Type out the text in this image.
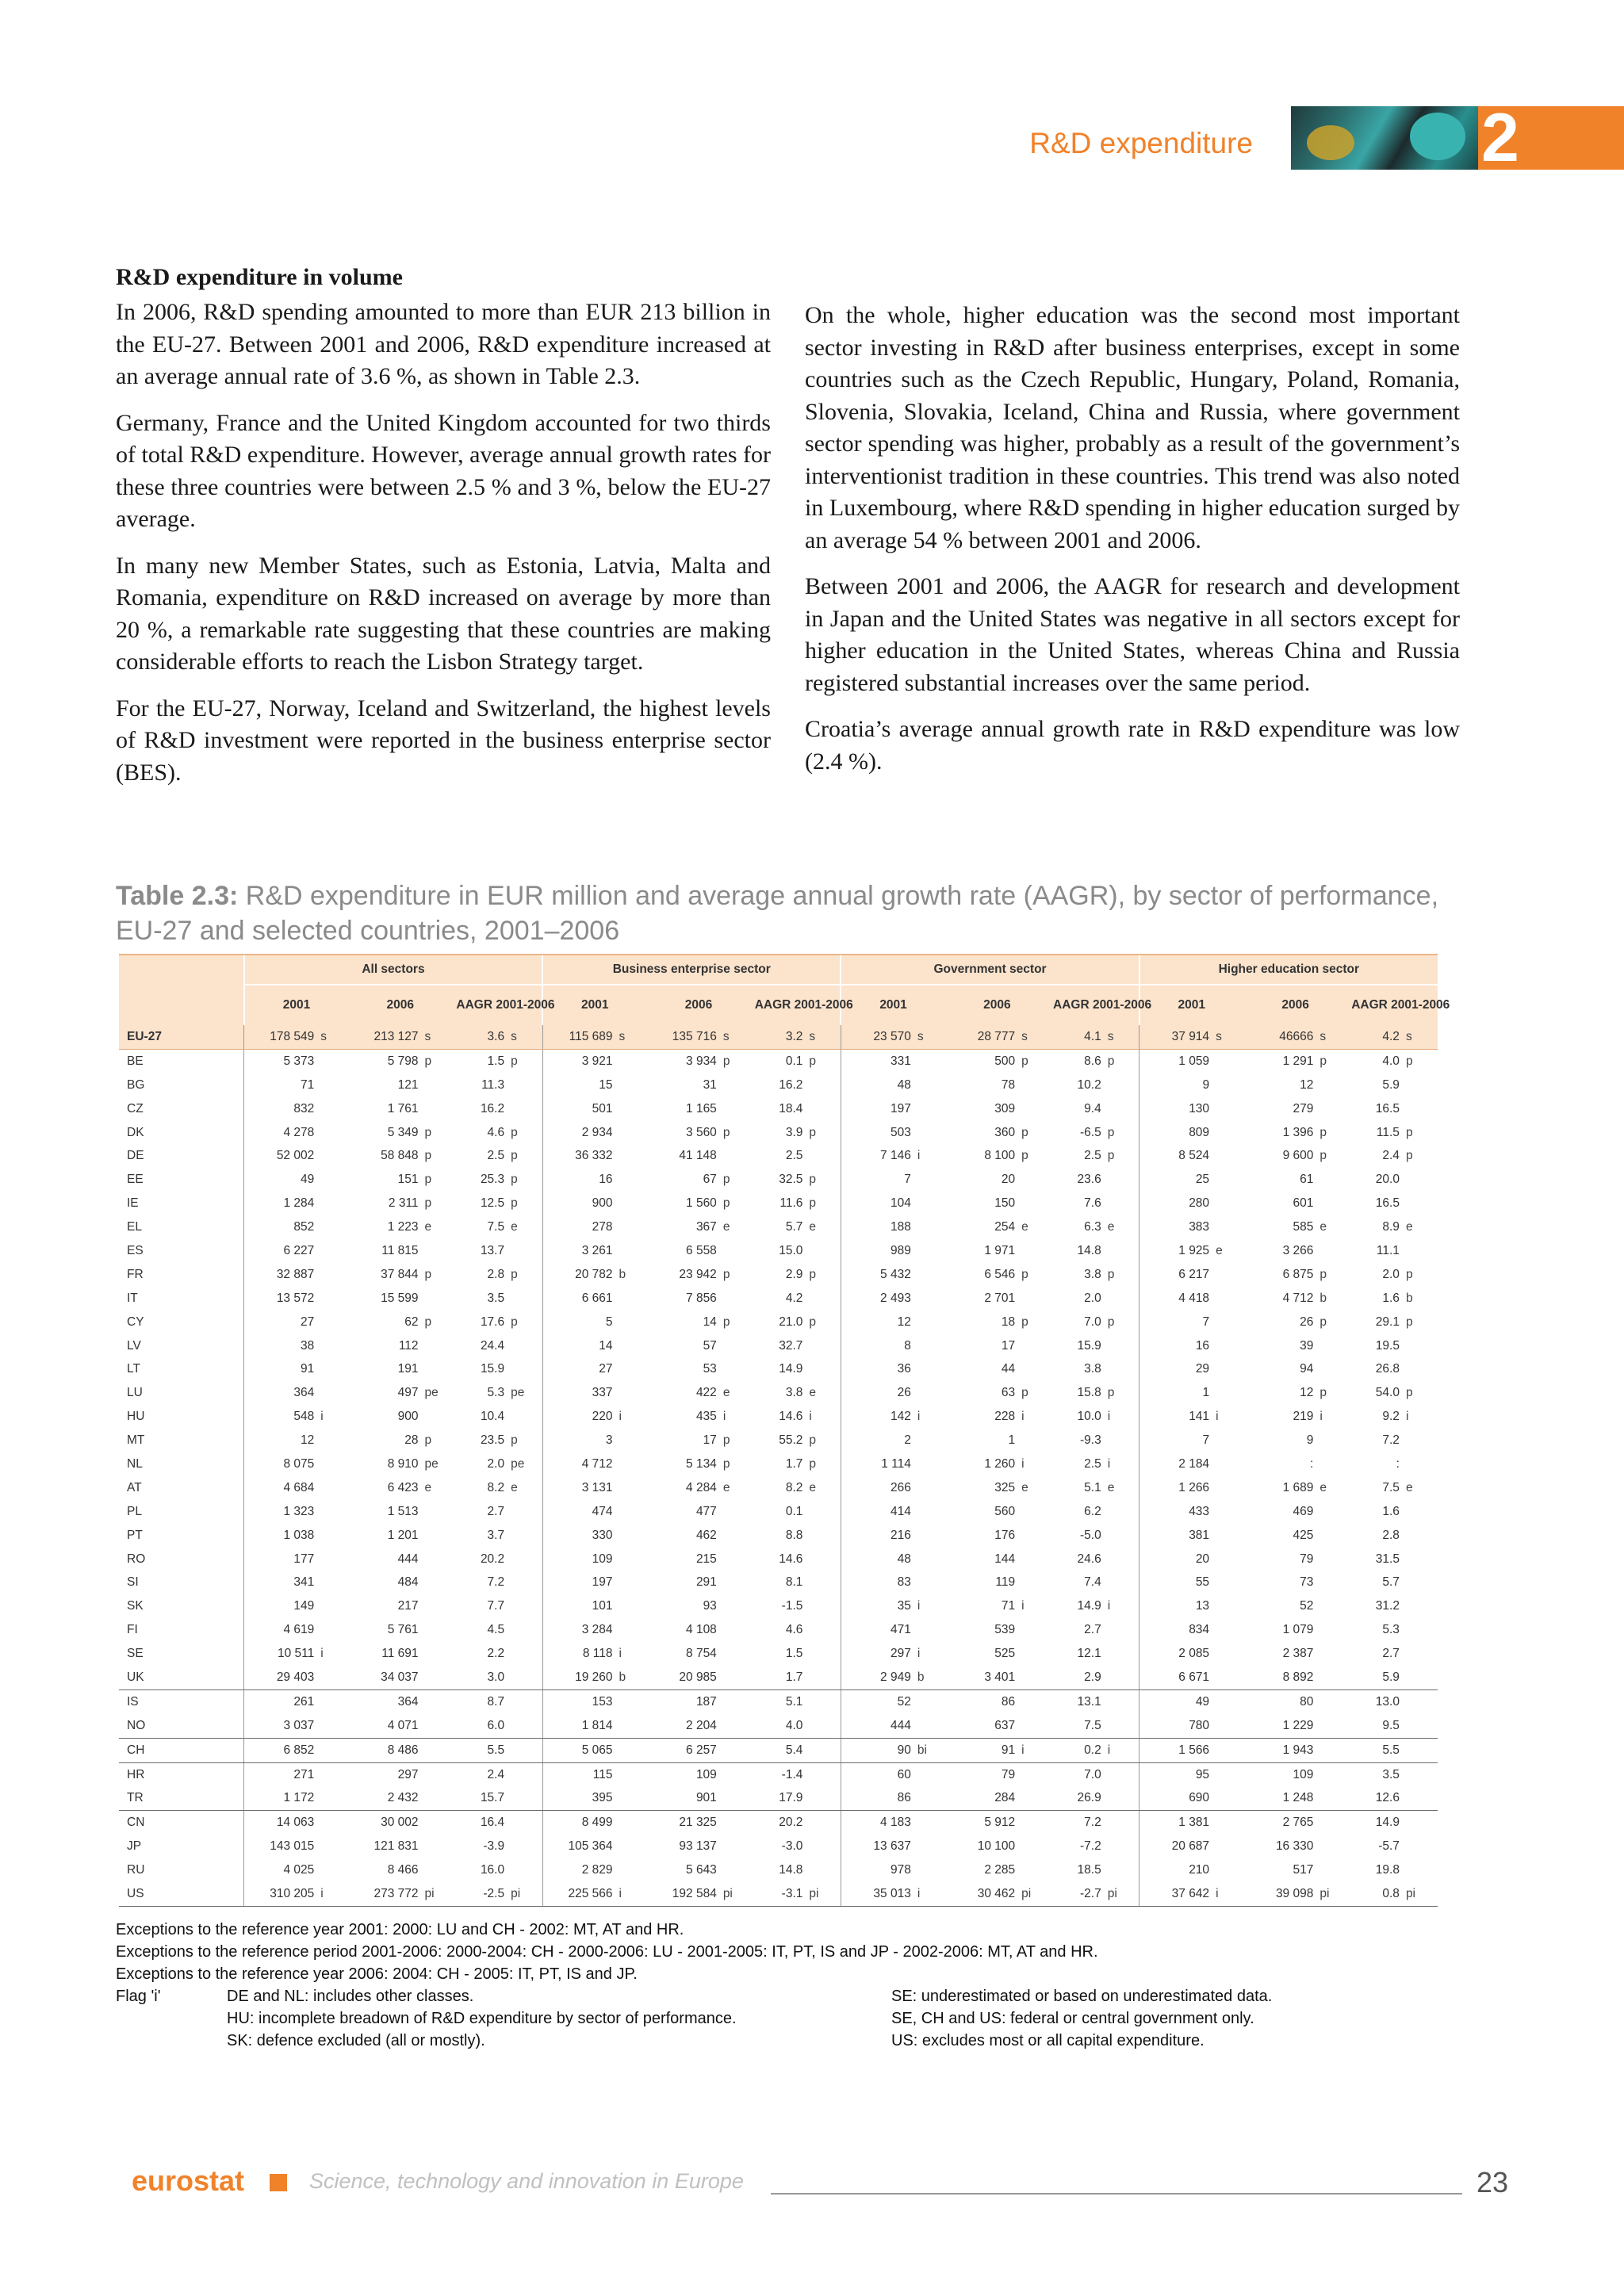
R&D expenditure	2
R&D expenditure in volume

In 2006, R&D spending amounted to more than EUR 213 billion in the EU-27. Between 2001 and 2006, R&D expenditure increased at an average annual rate of 3.6 %, as shown in Table 2.3.

Germany, France and the United Kingdom accounted for two thirds of total R&D expenditure. However, average annual growth rates for these three countries were between 2.5 % and 3 %, below the EU-27 average.

In many new Member States, such as Estonia, Latvia, Malta and Romania, expenditure on R&D increased on average by more than 20 %, a remarkable rate suggesting that these countries are making considerable efforts to reach the Lisbon Strategy target.

For the EU-27, Norway, Iceland and Switzerland, the highest levels of R&D investment were reported in the business enterprise sector (BES).

On the whole, higher education was the second most important sector investing in R&D after business enterprises, except in some countries such as the Czech Republic, Hungary, Poland, Romania, Slovenia, Slovakia, Iceland, China and Russia, where government sector spending was higher, probably as a result of the government’s interventionist tradition in these countries. This trend was also noted in Luxembourg, where R&D spending in higher education surged by an average 54 % between 2001 and 2006.

Between 2001 and 2006, the AAGR for research and development in Japan and the United States was negative in all sectors except for higher education in the United States, whereas China and Russia registered substantial increases over the same period.

Croatia’s average annual growth rate in R&D expenditure was low (2.4 %).

Table 2.3: R&D expenditure in EUR million and average annual growth rate (AAGR), by sector of performance, EU-27 and selected countries, 2001–2006
	All sectors						Business enterprise sector						Government sector						Higher education sector					
	2001		2006		AAGR 2001-2006		2001		2006		AAGR 2001-2006		2001		2006		AAGR 2001-2006		2001		2006		AAGR 2001-2006	
EU-27	178 549	s	213 127	s	3.6	s	115 689	s	135 716	s	3.2	s	23 570	s	28 777	s	4.1	s	37 914	s	46666	s	4.2	s
BE	5 373		5 798	p	1.5	p	3 921		3 934	p	0.1	p	331		500	p	8.6	p	1 059		1 291	p	4.0	p
BG	71		121		11.3		15		31		16.2		48		78		10.2		9		12		5.9	
CZ	832		1 761		16.2		501		1 165		18.4		197		309		9.4		130		279		16.5	
DK	4 278		5 349	p	4.6	p	2 934		3 560	p	3.9	p	503		360	p	-6.5	p	809		1 396	p	11.5	p
DE	52 002		58 848	p	2.5	p	36 332		41 148		2.5		7 146	i	8 100	p	2.5	p	8 524		9 600	p	2.4	p
EE	49		151	p	25.3	p	16		67	p	32.5	p	7		20		23.6		25		61		20.0	
IE	1 284		2 311	p	12.5	p	900		1 560	p	11.6	p	104		150		7.6		280		601		16.5	
EL	852		1 223	e	7.5	e	278		367	e	5.7	e	188		254	e	6.3	e	383		585	e	8.9	e
ES	6 227		11 815		13.7		3 261		6 558		15.0		989		1 971		14.8		1 925	e	3 266		11.1	
FR	32 887		37 844	p	2.8	p	20 782	b	23 942	p	2.9	p	5 432		6 546	p	3.8	p	6 217		6 875	p	2.0	p
IT	13 572		15 599		3.5		6 661		7 856		4.2		2 493		2 701		2.0		4 418		4 712	b	1.6	b
CY	27		62	p	17.6	p	5		14	p	21.0	p	12		18	p	7.0	p	7		26	p	29.1	p
LV	38		112		24.4		14		57		32.7		8		17		15.9		16		39		19.5	
LT	91		191		15.9		27		53		14.9		36		44		3.8		29		94		26.8	
LU	364		497	pe	5.3	pe	337		422	e	3.8	e	26		63	p	15.8	p	1		12	p	54.0	p
HU	548	i	900		10.4		220	i	435	i	14.6	i	142	i	228	i	10.0	i	141	i	219	i	9.2	i
MT	12		28	p	23.5	p	3		17	p	55.2	p	2		1		-9.3		7		9		7.2	
NL	8 075		8 910	pe	2.0	pe	4 712		5 134	p	1.7	p	1 114		1 260	i	2.5	i	2 184		:		:	
AT	4 684		6 423	e	8.2	e	3 131		4 284	e	8.2	e	266		325	e	5.1	e	1 266		1 689	e	7.5	e
PL	1 323		1 513		2.7		474		477		0.1		414		560		6.2		433		469		1.6	
PT	1 038		1 201		3.7		330		462		8.8		216		176		-5.0		381		425		2.8	
RO	177		444		20.2		109		215		14.6		48		144		24.6		20		79		31.5	
SI	341		484		7.2		197		291		8.1		83		119		7.4		55		73		5.7	
SK	149		217		7.7		101		93		-1.5		35	i	71	i	14.9	i	13		52		31.2	
FI	4 619		5 761		4.5		3 284		4 108		4.6		471		539		2.7		834		1 079		5.3	
SE	10 511	i	11 691		2.2		8 118	i	8 754		1.5		297	i	525		12.1		2 085		2 387		2.7	
UK	29 403		34 037		3.0		19 260	b	20 985		1.7		2 949	b	3 401		2.9		6 671		8 892		5.9	
IS	261		364		8.7		153		187		5.1		52		86		13.1		49		80		13.0	
NO	3 037		4 071		6.0		1 814		2 204		4.0		444		637		7.5		780		1 229		9.5	
CH	6 852		8 486		5.5		5 065		6 257		5.4		90	bi	91	i	0.2	i	1 566		1 943		5.5	
HR	271		297		2.4		115		109		-1.4		60		79		7.0		95		109		3.5	
TR	1 172		2 432		15.7		395		901		17.9		86		284		26.9		690		1 248		12.6	
CN	14 063		30 002		16.4		8 499		21 325		20.2		4 183		5 912		7.2		1 381		2 765		14.9	
JP	143 015		121 831		-3.9		105 364		93 137		-3.0		13 637		10 100		-7.2		20 687		16 330		-5.7	
RU	4 025		8 466		16.0		2 829		5 643		14.8		978		2 285		18.5		210		517		19.8	
US	310 205	i	273 772	pi	-2.5	pi	225 566	i	192 584	pi	-3.1	pi	35 013	i	30 462	pi	-2.7	pi	37 642	i	39 098	pi	0.8	pi
Exceptions to the reference year 2001: 2000: LU and CH - 2002: MT, AT and HR.
Exceptions to the reference period 2001-2006: 2000-2004: CH - 2000-2006: LU - 2001-2005: IT, PT, IS and JP - 2002-2006: MT, AT and HR.
Exceptions to the reference year 2006: 2004: CH - 2005: IT, PT, IS and JP.
Flag 'i'	DE and NL: includes other classes.	SE: underestimated or based on underestimated data.
HU: incomplete breadown of R&D expenditure by sector of performance.	SE, CH and US: federal or central government only.
SK: defence excluded (all or mostly).	US: excludes most or all capital expenditure.
eurostat	Science, technology and innovation in Europe	23
